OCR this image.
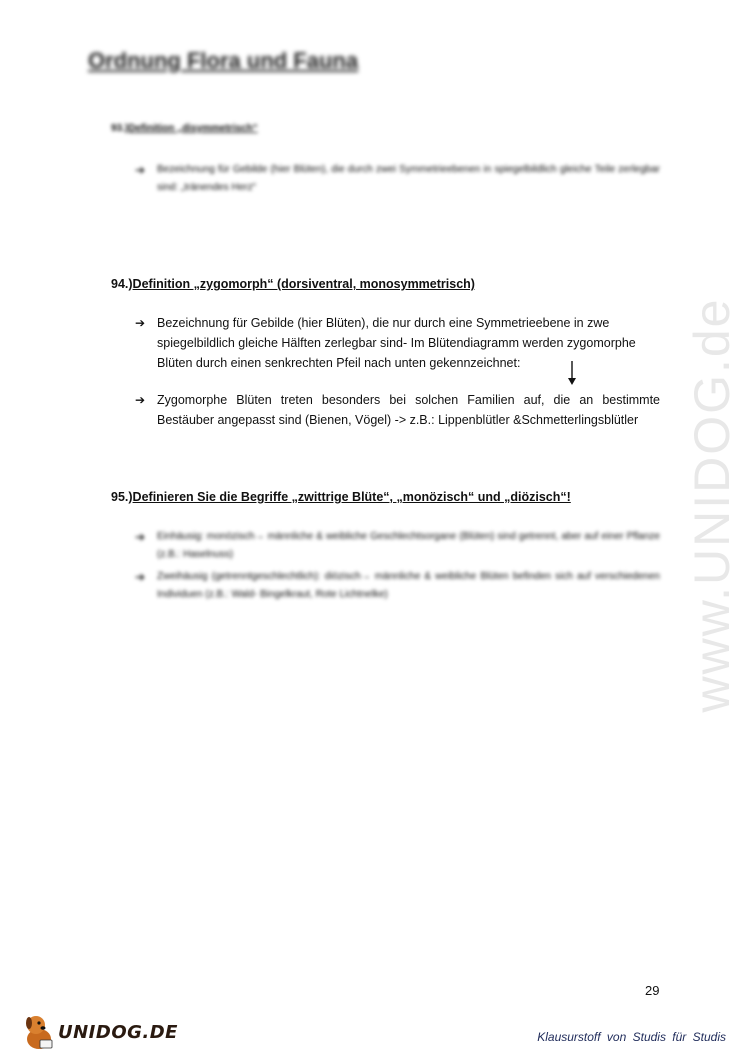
www.UNIDOG.de
Ordnung Flora und Fauna
93.)Definition „disymmetrisch“
➔	Bezeichnung für Gebilde (hier Blüten), die durch zwei Symmetrieebenen in spiegelbildlich gleiche Teile zerlegbar sind: „tränendes Herz“
94.)Definition „zygomorph“ (dorsiventral, monosymmetrisch)
➔ Bezeichnung für Gebilde (hier Blüten), die nur durch eine Symmetrieebene in zwe spiegelbildlich gleiche Hälften zerlegbar sind- Im Blütendiagramm werden zygomorphe Blüten durch einen senkrechten Pfeil nach unten gekennzeichnet:
➔ Zygomorphe Blüten treten besonders bei solchen Familien auf, die an bestimmte Bestäuber angepasst sind (Bienen, Vögel) -> z.B.: Lippenblütler &Schmetterlingsblütler
95.)Definieren Sie die Begriffe „zwittrige Blüte“, „monözisch“ und „diözisch“!
➔	Einhäusig: monözisch→ männliche & weibliche Geschlechtsorgane (Blüten) sind getrennt, aber auf einer Pflanze (z.B.: Haselnuss)
➔	Zweihäusig (getrenntgeschlechtlich): diözisch→ männliche & weibliche Blüten befinden sich auf verschiedenen Individuen (z.B.: Wald- Bingelkraut, Rote Lichtnelke)
29
UNIDOG.DE	Klausurstoff von Studis für Studis
